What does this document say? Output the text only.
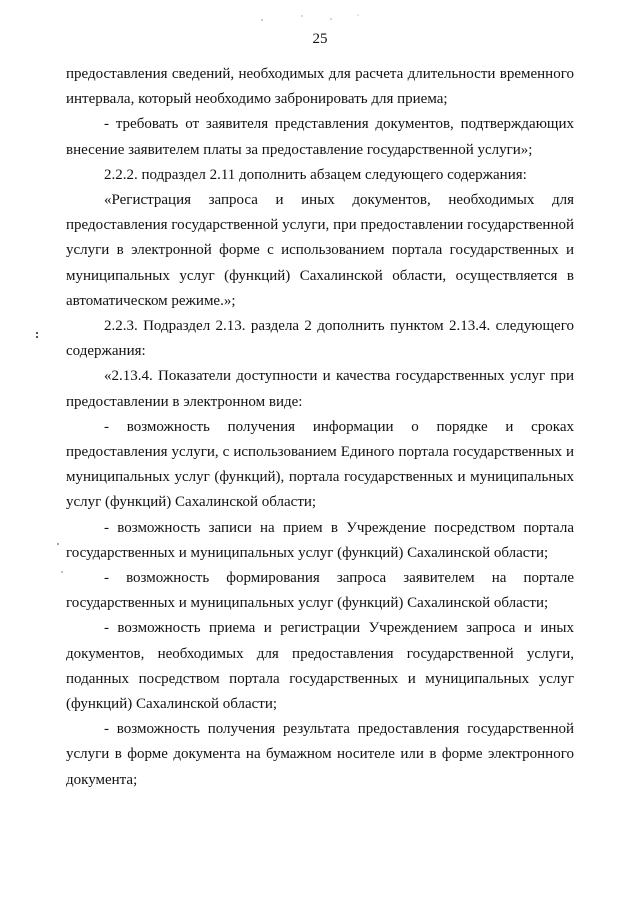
25

предоставления сведений, необходимых для расчета длительности временного интервала, который необходимо забронировать для приема;

- требовать от заявителя представления документов, подтверждающих внесение заявителем платы за предоставление государственной услуги»;

2.2.2. подраздел 2.11 дополнить абзацем следующего содержания:

«Регистрация запроса и иных документов, необходимых для предоставления государственной услуги, при предоставлении государственной услуги в электронной форме с использованием портала государственных и муниципальных услуг (функций) Сахалинской области, осуществляется в автоматическом режиме.»;

2.2.3. Подраздел 2.13. раздела 2 дополнить пунктом 2.13.4. следующего содержания:

«2.13.4. Показатели доступности и качества государственных услуг при предоставлении в электронном виде:

- возможность получения информации о порядке и сроках предоставления услуги, с использованием Единого портала государственных и муниципальных услуг (функций), портала государственных и муниципальных услуг (функций) Сахалинской области;

- возможность записи на прием в Учреждение посредством портала государственных и муниципальных услуг (функций) Сахалинской области;

- возможность формирования запроса заявителем на портале государственных и муниципальных услуг (функций) Сахалинской области;

- возможность приема и регистрации Учреждением запроса и иных документов, необходимых для предоставления государственной услуги, поданных посредством портала государственных и муниципальных услуг (функций) Сахалинской области;

- возможность получения результата предоставления государственной услуги в форме документа на бумажном носителе или в форме электронного документа;
